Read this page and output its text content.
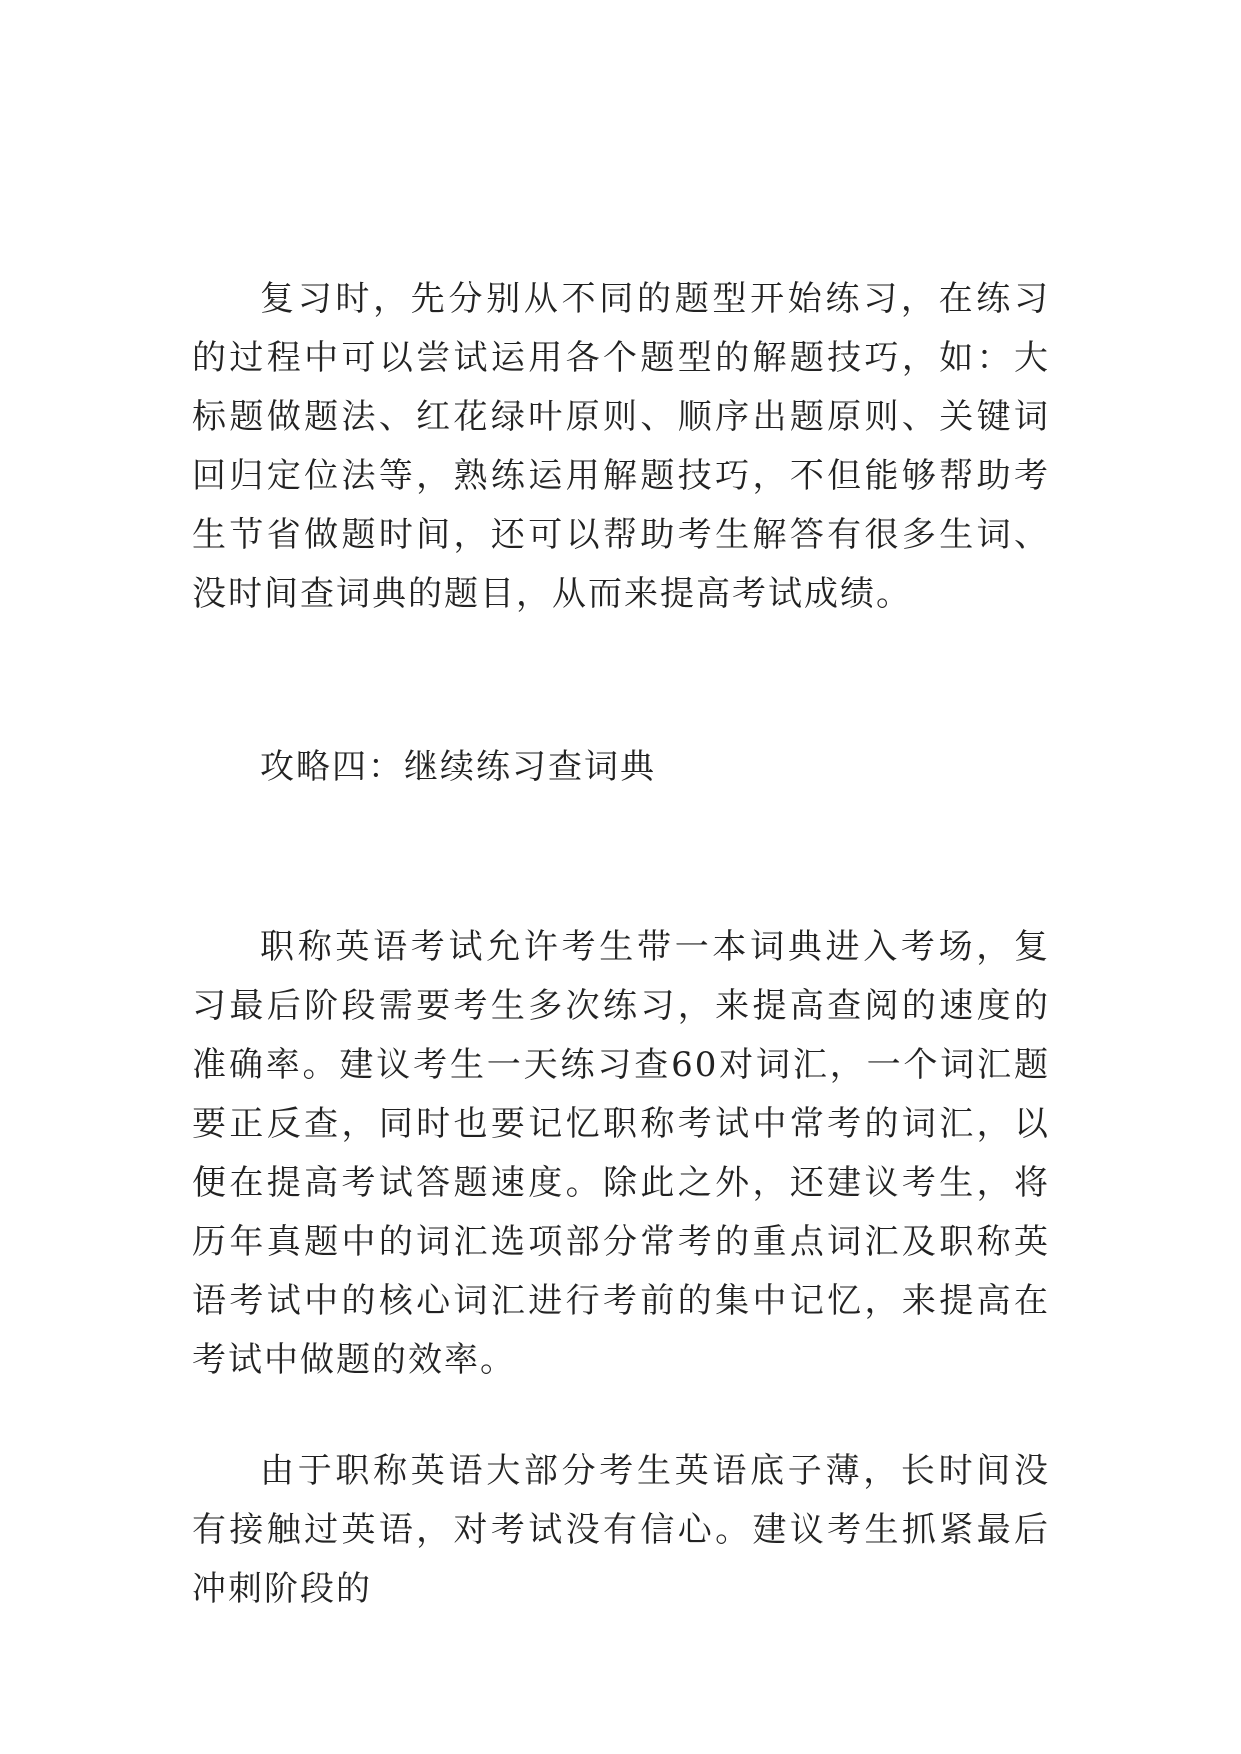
复习时，先分别从不同的题型开始练习，在练习的过程中可以尝试运用各个题型的解题技巧，如：大标题做题法、红花绿叶原则、顺序出题原则、关键词回归定位法等，熟练运用解题技巧，不但能够帮助考生节省做题时间，还可以帮助考生解答有很多生词、没时间查词典的题目，从而来提高考试成绩。

攻略四：继续练习查词典

职称英语考试允许考生带一本词典进入考场，复习最后阶段需要考生多次练习，来提高查阅的速度的准确率。建议考生一天练习查60对词汇，一个词汇题要正反查，同时也要记忆职称考试中常考的词汇，以便在提高考试答题速度。除此之外，还建议考生，将历年真题中的词汇选项部分常考的重点词汇及职称英语考试中的核心词汇进行考前的集中记忆，来提高在考试中做题的效率。

由于职称英语大部分考生英语底子薄，长时间没有接触过英语，对考试没有信心。建议考生抓紧最后冲刺阶段的
